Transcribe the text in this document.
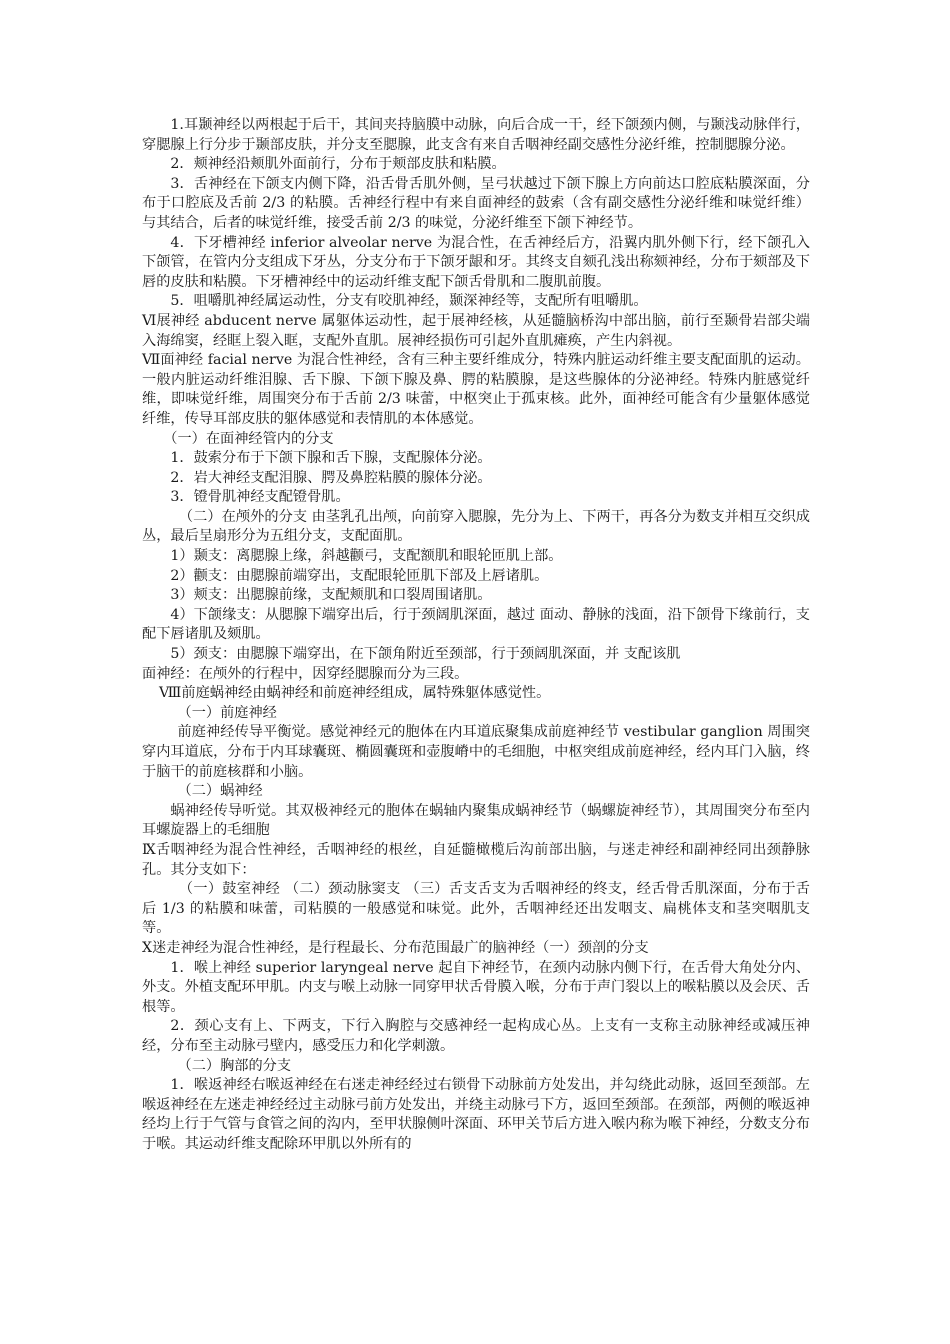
1.耳颞神经以两根起于后干，其间夹持脑膜中动脉，向后合成一干，经下颌颈内侧，与颞浅动脉伴行，穿腮腺上行分步于颞部皮肤，并分支至腮腺，此支含有来自舌咽神经副交感性分泌纤维，控制腮腺分泌。

2．颊神经沿颊肌外面前行，分布于颊部皮肤和粘膜。

3．舌神经在下颌支内侧下降，沿舌骨舌肌外侧，呈弓状越过下颌下腺上方向前达口腔底粘膜深面，分布于口腔底及舌前 2/3 的粘膜。舌神经行程中有来自面神经的鼓索（含有副交感性分泌纤维和味觉纤维）与其结合，后者的味觉纤维，接受舌前 2/3 的味觉，分泌纤维至下颌下神经节。

4．下牙槽神经 inferior alveolar nerve 为混合性，在舌神经后方，沿翼内肌外侧下行，经下颌孔入下颌管，在管内分支组成下牙丛，分支分布于下颌牙龈和牙。其终支自颏孔浅出称颏神经，分布于颏部及下唇的皮肤和粘膜。下牙槽神经中的运动纤维支配下颌舌骨肌和二腹肌前腹。

5．咀嚼肌神经属运动性，分支有咬肌神经，颞深神经等，支配所有咀嚼肌。

Ⅵ展神经 abducent nerve 属躯体运动性，起于展神经核，从延髓脑桥沟中部出脑，前行至颞骨岩部尖端 入海绵窦，经眶上裂入眶，支配外直肌。展神经损伤可引起外直肌瘫痪，产生内斜视。

Ⅶ面神经 facial nerve 为混合性神经，含有三种主要纤维成分，特殊内脏运动纤维主要支配面肌的运动。一般内脏运动纤维泪腺、舌下腺、下颌下腺及鼻、腭的粘膜腺，是这些腺体的分泌神经。特殊内脏感觉纤维，即味觉纤维，周围突分布于舌前 2/3 味蕾，中枢突止于孤束核。此外，面神经可能含有少量躯体感觉纤维，传导耳部皮肤的躯体感觉和表情肌的本体感觉。

（一）在面神经管内的分支

1．鼓索分布于下颌下腺和舌下腺，支配腺体分泌。

2．岩大神经支配泪腺、腭及鼻腔粘膜的腺体分泌。

3．镫骨肌神经支配镫骨肌。

（二）在颅外的分支 由茎乳孔出颅，向前穿入腮腺，先分为上、下两干，再各分为数支并相互交织成丛，最后呈扇形分为五组分支，支配面肌。

1）颞支：离腮腺上缘，斜越颧弓，支配额肌和眼轮匝肌上部。

2）颧支：由腮腺前端穿出，支配眼轮匝肌下部及上唇诸肌。

3）颊支：出腮腺前缘，支配颊肌和口裂周围诸肌。

4）下颌缘支：从腮腺下端穿出后，行于颈阔肌深面，越过 面动、静脉的浅面，沿下颌骨下缘前行，支配下唇诸肌及颏肌。

5）颈支：由腮腺下端穿出，在下颌角附近至颈部，行于颈阔肌深面，并 支配该肌

面神经：在颅外的行程中，因穿经腮腺而分为三段。

Ⅷ前庭蜗神经由蜗神经和前庭神经组成，属特殊躯体感觉性。

（一）前庭神经

前庭神经传导平衡觉。感觉神经元的胞体在内耳道底聚集成前庭神经节 vestibular ganglion 周围突穿内耳道底，分布于内耳球囊斑、椭圆囊斑和壶腹嵴中的毛细胞，中枢突组成前庭神经，经内耳门入脑，终于脑干的前庭核群和小脑。

（二）蜗神经

蜗神经传导听觉。其双极神经元的胞体在蜗轴内聚集成蜗神经节（蜗螺旋神经节），其周围突分布至内耳螺旋器上的毛细胞

Ⅸ舌咽神经为混合性神经，舌咽神经的根丝，自延髓橄榄后沟前部出脑，与迷走神经和副神经同出颈静脉孔。其分支如下：

（一）鼓室神经 （二）颈动脉窦支 （三）舌支舌支为舌咽神经的终支，经舌骨舌肌深面，分布于舌后 1/3 的粘膜和味蕾，司粘膜的一般感觉和味觉。此外，舌咽神经还出发咽支、扁桃体支和茎突咽肌支等。

Ⅹ迷走神经为混合性神经，是行程最长、分布范围最广的脑神经（一）颈剖的分支

1．喉上神经 superior laryngeal nerve 起自下神经节，在颈内动脉内侧下行，在舌骨大角处分内、外支。外植支配环甲肌。内支与喉上动脉一同穿甲状舌骨膜入喉，分布于声门裂以上的喉粘膜以及会厌、舌根等。

2．颈心支有上、下两支，下行入胸腔与交感神经一起构成心丛。上支有一支称主动脉神经或减压神经，分布至主动脉弓壁内，感受压力和化学刺激。

（二）胸部的分支

1．喉返神经右喉返神经在右迷走神经经过右锁骨下动脉前方处发出，并勾绕此动脉，返回至颈部。左喉返神经在左迷走神经经过主动脉弓前方处发出，并绕主动脉弓下方，返回至颈部。在颈部，两侧的喉返神经均上行于气管与食管之间的沟内，至甲状腺侧叶深面、环甲关节后方进入喉内称为喉下神经，分数支分布于喉。其运动纤维支配除环甲肌以外所有的
